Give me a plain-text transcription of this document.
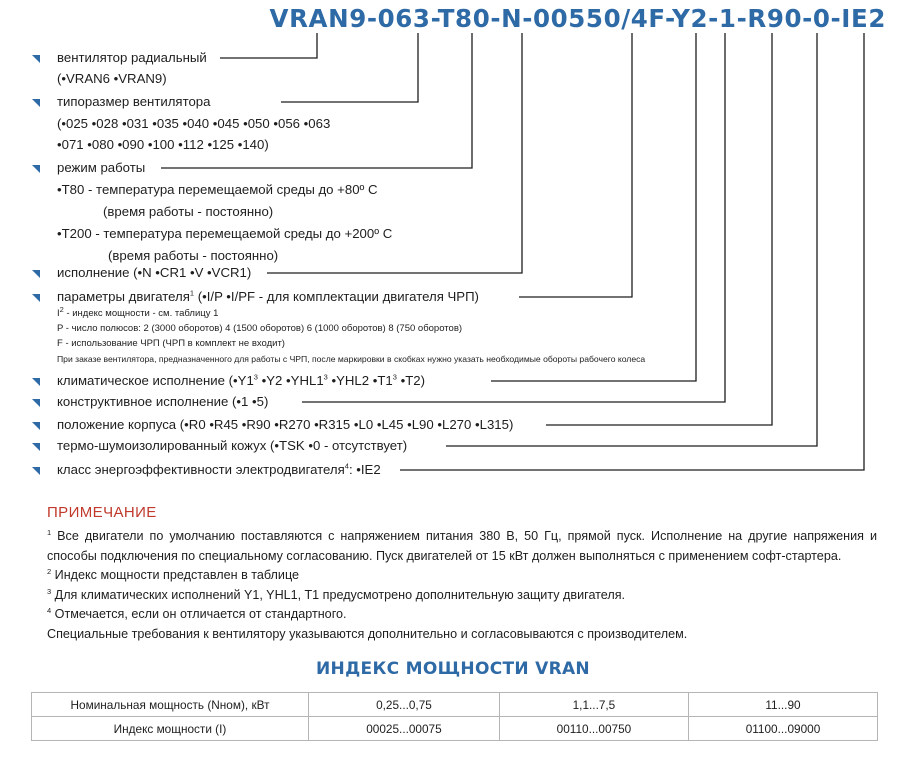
VRAN9-063-T80-N-00550/4F-Y2-1-R90-0-IE2
вентилятор радиальный
(•VRAN6 •VRAN9)
типоразмер вентилятора
(•025 •028 •031 •035 •040 •045 •050 •056 •063
•071 •080 •090 •100 •112 •125 •140)
режим работы
•Т80 - температура перемещаемой среды до +80º С
(время работы - постоянно)
•Т200 - температура перемещаемой среды до +200º С
(время работы - постоянно)
исполнение (•N •CR1 •V •VCR1)
параметры двигателя$^1$ (•I/P •I/PF - для комплектации двигателя ЧРП)
$I^2$ - индекс мощности - см. таблицу 1
P - число полюсов: 2 (3000 оборотов) 4 (1500 оборотов) 6 (1000 оборотов) 8 (750 оборотов)
F - использование ЧРП (ЧРП в комплект не входит)
При заказе вентилятора, предназначенного для работы с ЧРП, после маркировки в скобках нужно указать необходимые обороты рабочего колеса
климатическое исполнение ($•Y1^3$ •Y2 $•YHL1^3$ •YHL2 $•T1^3$ •T2)
конструктивное исполнение (•1 •5)
положение корпуса (•R0 •R45 •R90 •R270 •R315 •L0 •L45 •L90 •L270 •L315)
термо-шумоизолированный кожух (•TSK •0 - отсутствует)
класс энергоэффективности электродвигателя$^4$: •IE2
ПРИМЕЧАНИЕ

$^1$ Все двигатели по умолчанию поставляются с напряжением питания 380 В, 50 Гц, прямой пуск. Исполнение на другие напряжения и способы подключения по специальному согласованию. Пуск двигателей от 15 кВт должен выполняться с применением софт-стартера.

$^2$ Индекс мощности представлен в таблице

$^3$ Для климатических исполнений Y1, YHL1, T1 предусмотрено дополнительную защиту двигателя.

$^4$ Отмечается, если он отличается от стандартного.

Специальные требования к вентилятору указываются дополнительно и согласовываются с производителем.

ИНДЕКС МОЩНОСТИ VRAN
Номинальная мощность (Nном), кВт	0,25...0,75	1,1...7,5	11...90
Индекс мощности (I)	00025...00075	00110...00750	01100...09000
